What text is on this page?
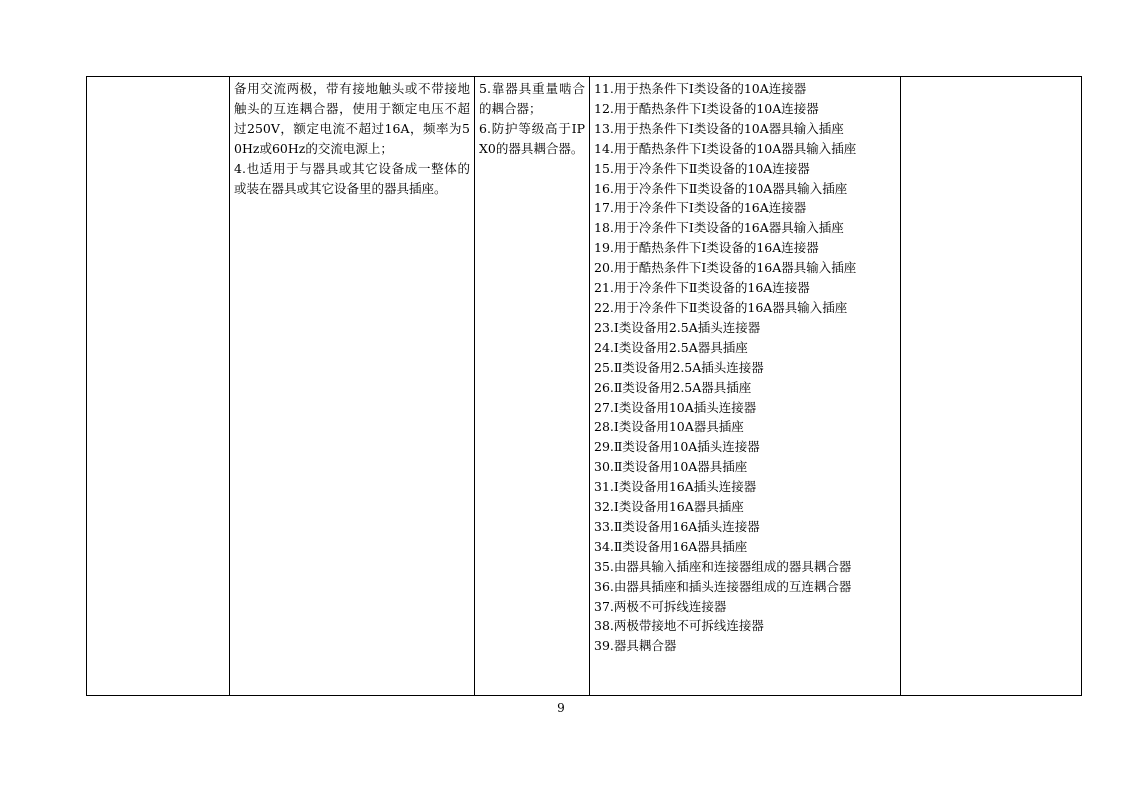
备用交流两极，带有接地触头或不带接地触头的互连耦合器，使用于额定电压不超过250V，额定电流不超过16A，频率为50Hz或60Hz的交流电源上；
4.也适用于与器具或其它设备成一整体的或装在器具或其它设备里的器具插座。

5.靠器具重量啮合的耦合器；
6.防护等级高于IPX0的器具耦合器。

11.用于热条件下Ⅰ类设备的10A连接器
12.用于酷热条件下Ⅰ类设备的10A连接器
13.用于热条件下Ⅰ类设备的10A器具输入插座
14.用于酷热条件下Ⅰ类设备的10A器具输入插座
15.用于冷条件下Ⅱ类设备的10A连接器
16.用于冷条件下Ⅱ类设备的10A器具输入插座
17.用于冷条件下Ⅰ类设备的16A连接器
18.用于冷条件下Ⅰ类设备的16A器具输入插座
19.用于酷热条件下Ⅰ类设备的16A连接器
20.用于酷热条件下Ⅰ类设备的16A器具输入插座
21.用于冷条件下Ⅱ类设备的16A连接器
22.用于冷条件下Ⅱ类设备的16A器具输入插座
23.Ⅰ类设备用2.5A插头连接器
24.Ⅰ类设备用2.5A器具插座
25.Ⅱ类设备用2.5A插头连接器
26.Ⅱ类设备用2.5A器具插座
27.Ⅰ类设备用10A插头连接器
28.Ⅰ类设备用10A器具插座
29.Ⅱ类设备用10A插头连接器
30.Ⅱ类设备用10A器具插座
31.Ⅰ类设备用16A插头连接器
32.Ⅰ类设备用16A器具插座
33.Ⅱ类设备用16A插头连接器
34.Ⅱ类设备用16A器具插座
35.由器具输入插座和连接器组成的器具耦合器
36.由器具插座和插头连接器组成的互连耦合器
37.两极不可拆线连接器
38.两极带接地不可拆线连接器
39.器具耦合器

9
